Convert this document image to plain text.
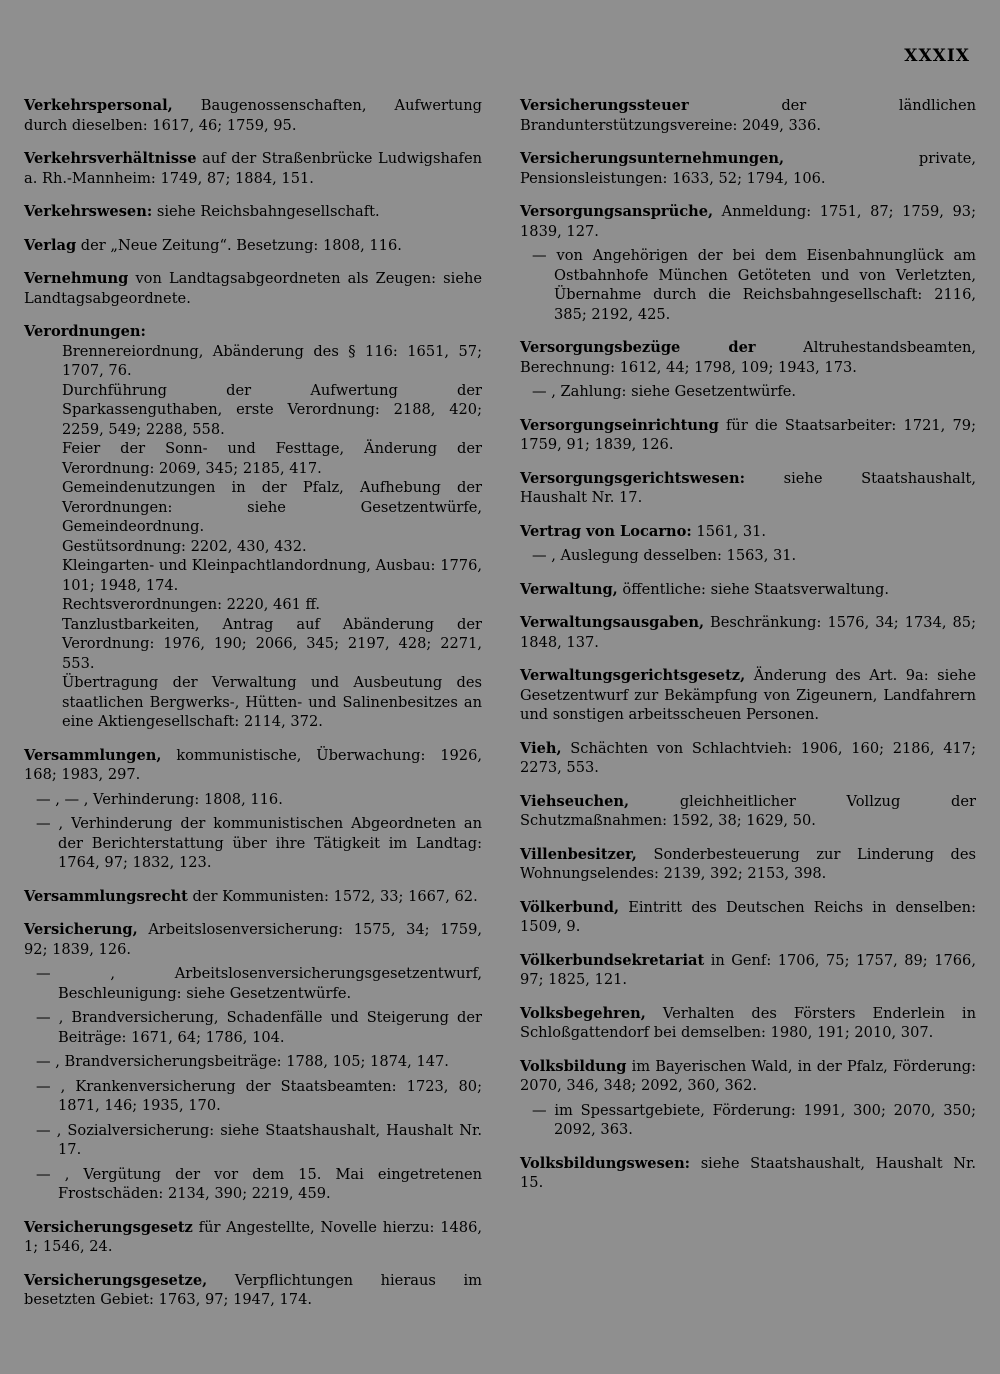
XXXIX
Verkehrspersonal, Baugenossenschaften, Aufwertung durch dieselben: 1617, 46; 1759, 95.
Verkehrsverhältnisse auf der Straßenbrücke Ludwigshafen a. Rh.-Mannheim: 1749, 87; 1884, 151.
Verkehrswesen: siehe Reichsbahngesellschaft.
Verlag der „Neue Zeitung“. Besetzung: 1808, 116.
Vernehmung von Landtagsabgeordneten als Zeugen: siehe Landtagsabgeordnete.
Verordnungen:
Brennereiordnung, Abänderung des § 116: 1651, 57; 1707, 76.
Durchführung der Aufwertung der Sparkassenguthaben, erste Verordnung: 2188, 420; 2259, 549; 2288, 558.
Feier der Sonn- und Festtage, Änderung der Verordnung: 2069, 345; 2185, 417.
Gemeindenutzungen in der Pfalz, Aufhebung der Verordnungen: siehe Gesetzentwürfe, Gemeindeordnung.
Gestütsordnung: 2202, 430, 432.
Kleingarten- und Kleinpachtlandordnung, Ausbau: 1776, 101; 1948, 174.
Rechtsverordnungen: 2220, 461 ff.
Tanzlustbarkeiten, Antrag auf Abänderung der Verordnung: 1976, 190; 2066, 345; 2197, 428; 2271, 553.
Übertragung der Verwaltung und Ausbeutung des staatlichen Bergwerks-, Hütten- und Salinenbesitzes an eine Aktiengesellschaft: 2114, 372.
Versammlungen, kommunistische, Überwachung: 1926, 168; 1983, 297.
— , — , Verhinderung: 1808, 116.
— , Verhinderung der kommunistischen Abgeordneten an der Berichterstattung über ihre Tätigkeit im Landtag: 1764, 97; 1832, 123.
Versammlungsrecht der Kommunisten: 1572, 33; 1667, 62.
Versicherung, Arbeitslosenversicherung: 1575, 34; 1759, 92; 1839, 126.
— , Arbeitslosenversicherungsgesetzentwurf, Beschleunigung: siehe Gesetzentwürfe.
— , Brandversicherung, Schadenfälle und Steigerung der Beiträge: 1671, 64; 1786, 104.
— , Brandversicherungsbeiträge: 1788, 105; 1874, 147.
— , Krankenversicherung der Staatsbeamten: 1723, 80; 1871, 146; 1935, 170.
— , Sozialversicherung: siehe Staatshaushalt, Haushalt Nr. 17.
— , Vergütung der vor dem 15. Mai eingetretenen Frostschäden: 2134, 390; 2219, 459.
Versicherungsgesetz für Angestellte, Novelle hierzu: 1486, 1; 1546, 24.
Versicherungsgesetze, Verpflichtungen hieraus im besetzten Gebiet: 1763, 97; 1947, 174.
Versicherungssteuer der ländlichen Brandunterstützungsvereine: 2049, 336.
Versicherungsunternehmungen, private, Pensionsleistungen: 1633, 52; 1794, 106.
Versorgungsansprüche, Anmeldung: 1751, 87; 1759, 93; 1839, 127.
— von Angehörigen der bei dem Eisenbahnunglück am Ostbahnhofe München Getöteten und von Verletzten, Übernahme durch die Reichsbahngesellschaft: 2116, 385; 2192, 425.
Versorgungsbezüge der Altruhestandsbeamten, Berechnung: 1612, 44; 1798, 109; 1943, 173.
— , Zahlung: siehe Gesetzentwürfe.
Versorgungseinrichtung für die Staatsarbeiter: 1721, 79; 1759, 91; 1839, 126.
Versorgungsgerichtswesen: siehe Staatshaushalt, Haushalt Nr. 17.
Vertrag von Locarno: 1561, 31.
— , Auslegung desselben: 1563, 31.
Verwaltung, öffentliche: siehe Staatsverwaltung.
Verwaltungsausgaben, Beschränkung: 1576, 34; 1734, 85; 1848, 137.
Verwaltungsgerichtsgesetz, Änderung des Art. 9a: siehe Gesetzentwurf zur Bekämpfung von Zigeunern, Landfahrern und sonstigen arbeitsscheuen Personen.
Vieh, Schächten von Schlachtvieh: 1906, 160; 2186, 417; 2273, 553.
Viehseuchen, gleichheitlicher Vollzug der Schutzmaßnahmen: 1592, 38; 1629, 50.
Villenbesitzer, Sonderbesteuerung zur Linderung des Wohnungselendes: 2139, 392; 2153, 398.
Völkerbund, Eintritt des Deutschen Reichs in denselben: 1509, 9.
Völkerbundsekretariat in Genf: 1706, 75; 1757, 89; 1766, 97; 1825, 121.
Volksbegehren, Verhalten des Försters Enderlein in Schloßgattendorf bei demselben: 1980, 191; 2010, 307.
Volksbildung im Bayerischen Wald, in der Pfalz, Förderung: 2070, 346, 348; 2092, 360, 362.
— im Spessartgebiete, Förderung: 1991, 300; 2070, 350; 2092, 363.
Volksbildungswesen: siehe Staatshaushalt, Haushalt Nr. 15.
